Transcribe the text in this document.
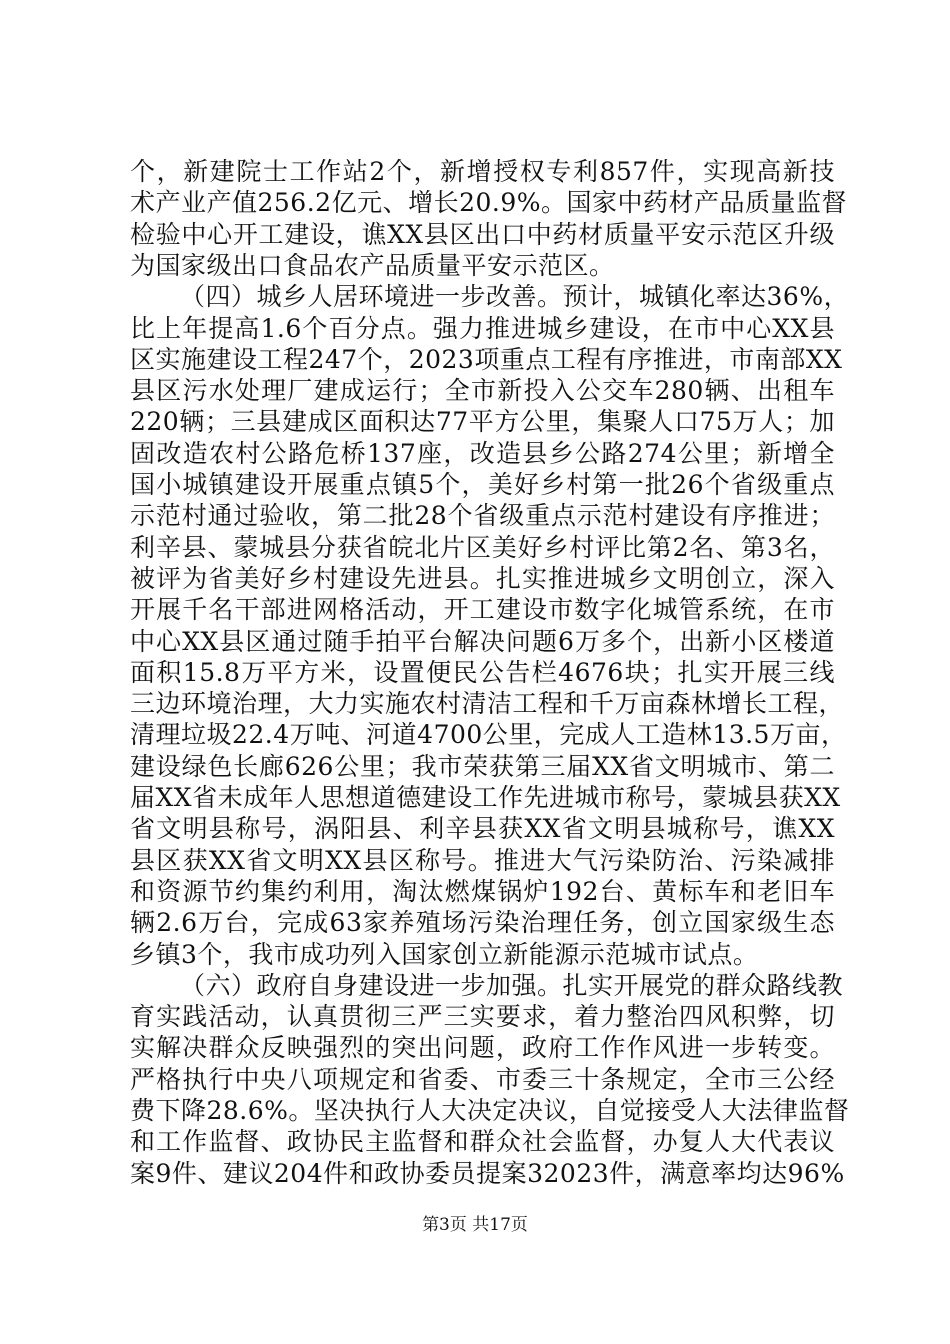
个，新建院士工作站2个，新增授权专利857件，实现高新技
术产业产值256.2亿元、增长20.9%。国家中药材产品质量监督
检验中心开工建设，谯XX县区出口中药材质量平安示范区升级
为国家级出口食品农产品质量平安示范区。
（四）城乡人居环境进一步改善。预计，城镇化率达36%，
比上年提高1.6个百分点。强力推进城乡建设，在市中心XX县
区实施建设工程247个，2023项重点工程有序推进，市南部XX
县区污水处理厂建成运行；全市新投入公交车280辆、出租车
220辆；三县建成区面积达77平方公里，集聚人口75万人；加
固改造农村公路危桥137座，改造县乡公路274公里；新增全
国小城镇建设开展重点镇5个，美好乡村第一批26个省级重点
示范村通过验收，第二批28个省级重点示范村建设有序推进；
利辛县、蒙城县分获省皖北片区美好乡村评比第2名、第3名，
被评为省美好乡村建设先进县。扎实推进城乡文明创立，深入
开展千名干部进网格活动，开工建设市数字化城管系统，在市
中心XX县区通过随手拍平台解决问题6万多个，出新小区楼道
面积15.8万平方米，设置便民公告栏4676块；扎实开展三线
三边环境治理，大力实施农村清洁工程和千万亩森林增长工程，
清理垃圾22.4万吨、河道4700公里，完成人工造林13.5万亩，
建设绿色长廊626公里；我市荣获第三届XX省文明城市、第二
届XX省未成年人思想道德建设工作先进城市称号，蒙城县获XX
省文明县称号，涡阳县、利辛县获XX省文明县城称号，谯XX
县区获XX省文明XX县区称号。推进大气污染防治、污染减排
和资源节约集约利用，淘汰燃煤锅炉192台、黄标车和老旧车
辆2.6万台，完成63家养殖场污染治理任务，创立国家级生态
乡镇3个，我市成功列入国家创立新能源示范城市试点。
（六）政府自身建设进一步加强。扎实开展党的群众路线教
育实践活动，认真贯彻三严三实要求，着力整治四风积弊，切
实解决群众反映强烈的突出问题，政府工作作风进一步转变。
严格执行中央八项规定和省委、市委三十条规定，全市三公经
费下降28.6%。坚决执行人大决定决议，自觉接受人大法律监督
和工作监督、政协民主监督和群众社会监督，办复人大代表议
案9件、建议204件和政协委员提案32023件，满意率均达96%
第3页 共17页
